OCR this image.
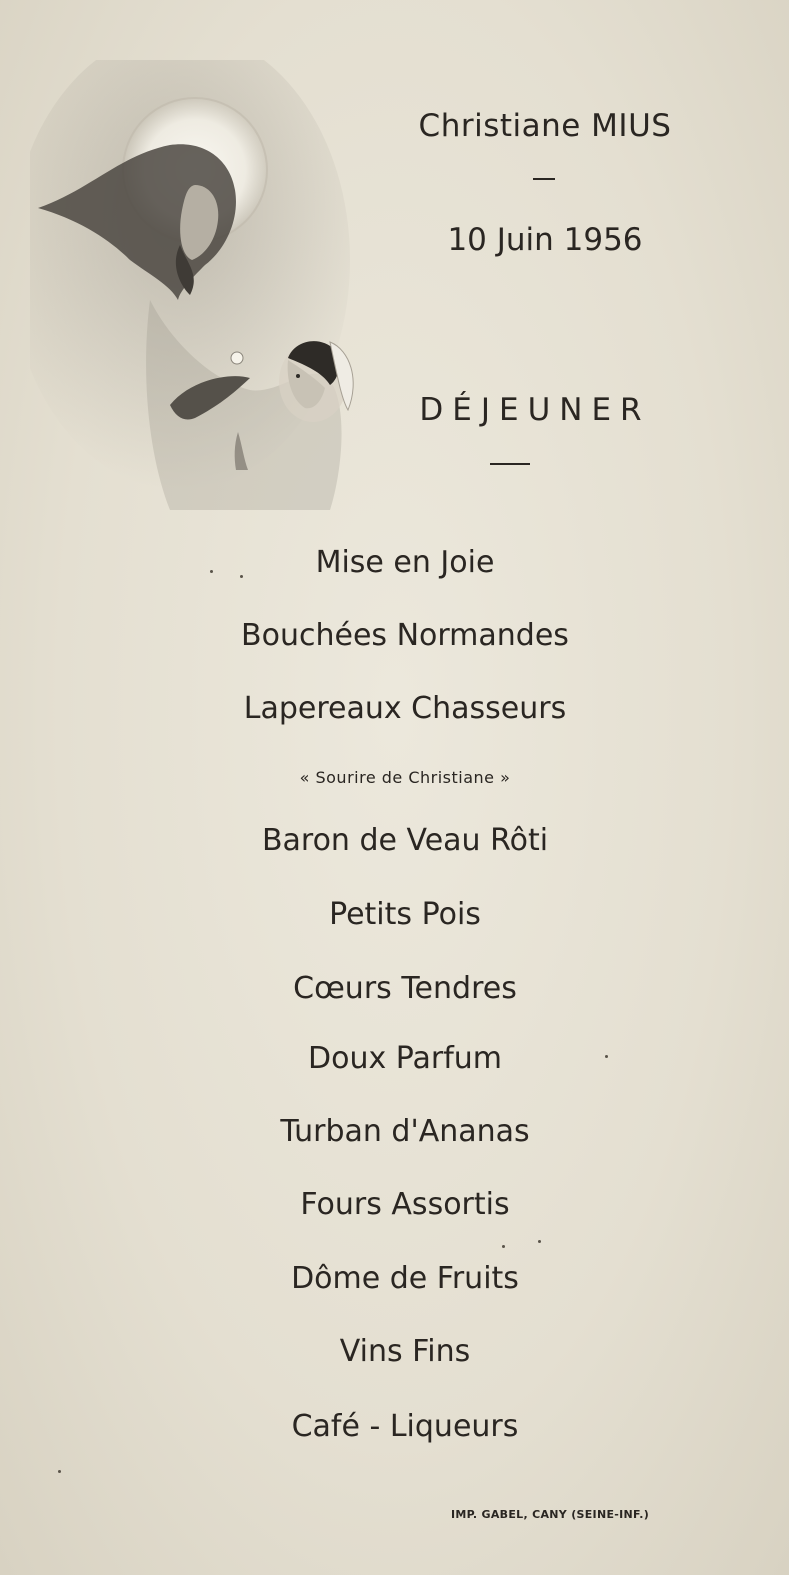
Christiane MIUS
10 Juin 1956
DÉJEUNER
Mise en Joie
Bouchées Normandes
Lapereaux Chasseurs
« Sourire de Christiane »
Baron de Veau Rôti
Petits Pois
Cœurs Tendres
Doux Parfum
Turban d'Ananas
Fours Assortis
Dôme de Fruits
Vins Fins
Café - Liqueurs
IMP. GABEL, CANY (SEINE-INF.)
